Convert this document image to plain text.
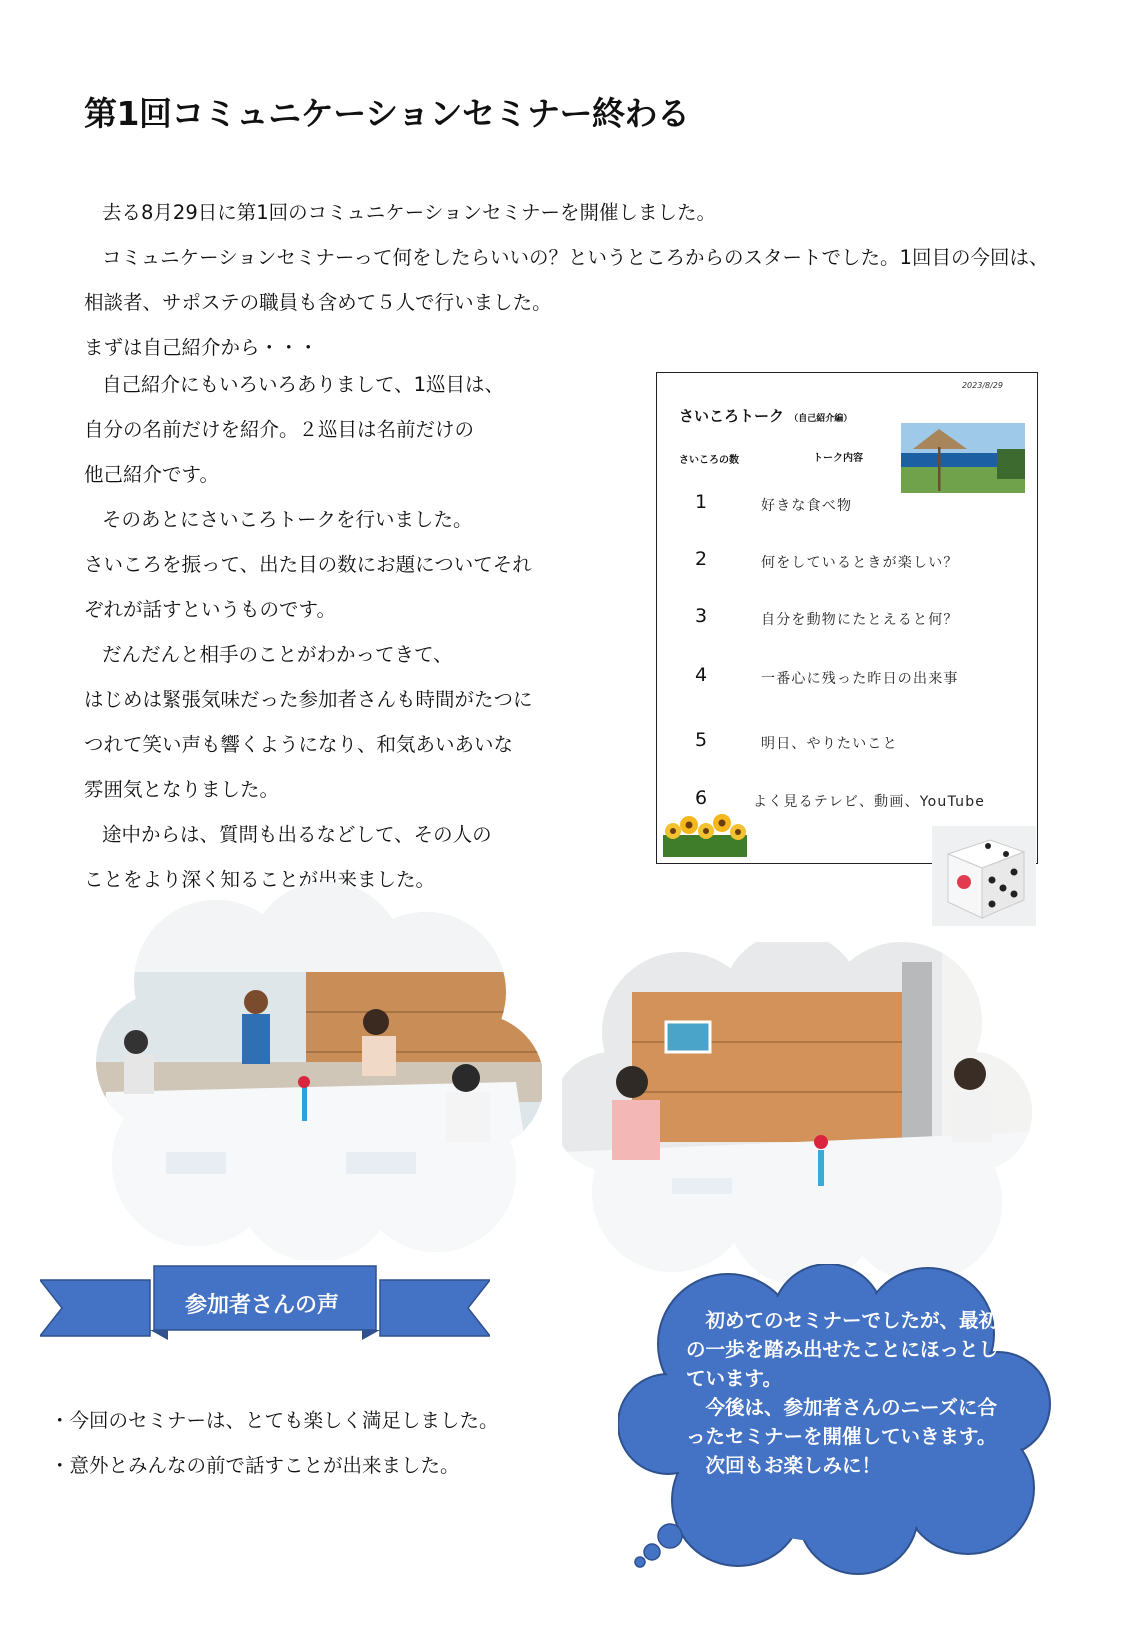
第1回コミュニケーションセミナー終わる

去る8月29日に第1回のコミュニケーションセミナーを開催しました。

コミュニケーションセミナーって何をしたらいいの？というところからのスタートでした。1回目の今回は、相談者、サポステの職員も含めて５人で行いました。

まずは自己紹介から・・・

自己紹介にもいろいろありまして、1巡目は、

自分の名前だけを紹介。２巡目は名前だけの

他己紹介です。

そのあとにさいころトークを行いました。

さいころを振って、出た目の数にお題についてそれ

ぞれが話すというものです。

だんだんと相手のことがわかってきて、

はじめは緊張気味だった参加者さんも時間がたつに

つれて笑い声も響くようになり、和気あいあいな

雰囲気となりました。

途中からは、質問も出るなどして、その人の

ことをより深く知ることが出来ました。

2023/8/29
さいころトーク （自己紹介編）
さいころの数	トーク内容
1	好きな食べ物
2	何をしているときが楽しい？
3	自分を動物にたとえると何？
4	一番心に残った昨日の出来事
5	明日、やりたいこと
6	よく見るテレビ、動画、YouTube
参加者さんの声

・今回のセミナーは、とても楽しく満足しました。

・意外とみんなの前で話すことが出来ました。

　初めてのセミナーでしたが、最初の一歩を踏み出せたことにほっとしています。

　今後は、参加者さんのニーズに合ったセミナーを開催していきます。

　次回もお楽しみに！
